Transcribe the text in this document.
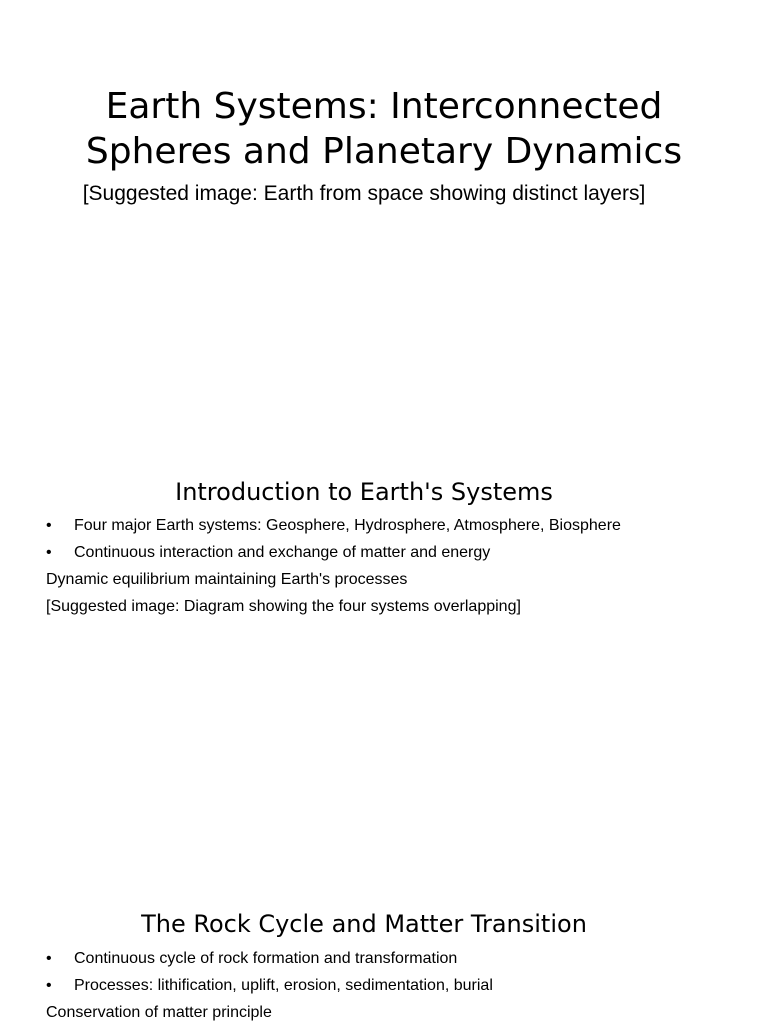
Earth Systems: Interconnected
Spheres and Planetary Dynamics
[Suggested image: Earth from space showing distinct layers]
Introduction to Earth's Systems
• Four major Earth systems: Geosphere, Hydrosphere, Atmosphere, Biosphere
• Continuous interaction and exchange of matter and energy

Dynamic equilibrium maintaining Earth's processes

[Suggested image: Diagram showing the four systems overlapping]

The Rock Cycle and Matter Transition
• Continuous cycle of rock formation and transformation
• Processes: lithification, uplift, erosion, sedimentation, burial

Conservation of matter principle
